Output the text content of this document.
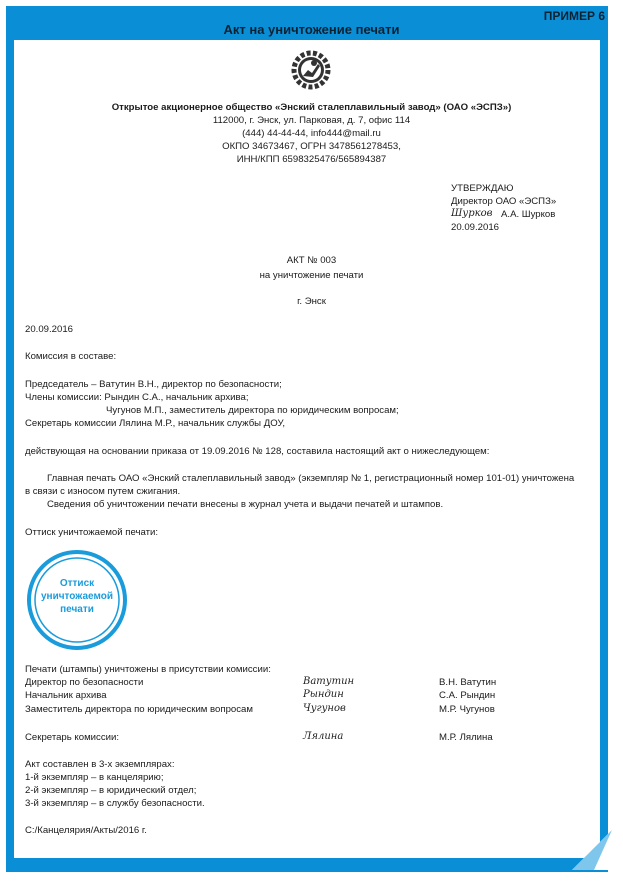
ПРИМЕР 6
Акт на уничтожение печати
Открытое акционерное общество «Энский сталеплавильный завод» (ОАО «ЭСПЗ»)
112000, г. Энск, ул. Парковая, д. 7, офис 114
(444) 44-44-44, info444@mail.ru
ОКПО 34673467, ОГРН 3478561278453,
ИНН/КПП 6598325476/565894387
УТВЕРЖДАЮ
Директор ОАО «ЭСПЗ»
Шурков А.А. Шурков
20.09.2016
АКТ № 003
на уничтожение печати
г. Энск
20.09.2016
Комиссия в составе:
Председатель – Ватутин В.Н., директор по безопасности;
Члены комиссии: Рындин С.А., начальник архива;
Чугунов М.П., заместитель директора по юридическим вопросам;
Секретарь комиссии Лялина М.Р., начальник службы ДОУ,
действующая на основании приказа от 19.09.2016 № 128, составила настоящий акт о нижеследующем:
Главная печать ОАО «Энский сталеплавильный завод» (экземпляр № 1, регистрационный номер 101-01) уничтожена
в связи с износом путем сжигания.
Сведения об уничтожении печати внесены в журнал учета и выдачи печатей и штампов.
Оттиск уничтожаемой печати:
Оттиск
уничтожаемой
печати
Печати (штампы) уничтожены в присутствии комиссии:
Директор по безопасности	Ватутин	В.Н. Ватутин
Начальник архива	Рындин	С.А. Рындин
Заместитель директора по юридическим вопросам	Чугунов	М.Р. Чугунов
Секретарь комиссии:	Лялина	М.Р. Лялина
Акт составлен в 3-х экземплярах:
1-й экземпляр – в канцелярию;
2-й экземпляр – в юридический отдел;
3-й экземпляр – в службу безопасности.
С:/Канцелярия/Акты/2016 г.
